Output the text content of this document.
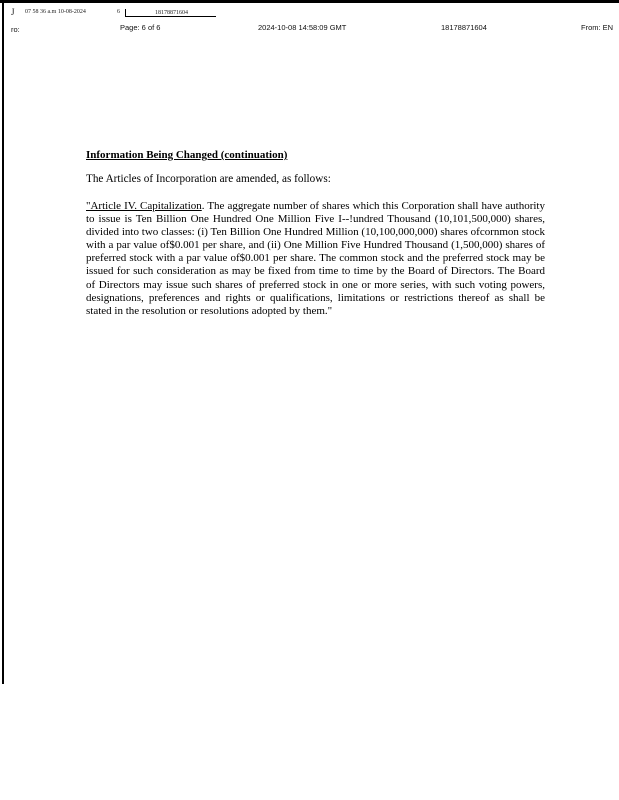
J 07 58 36 a.m 10-08-2024	6	18178871604
ro:	Page: 6 of 6	2024-10-08 14:58:09 GMT	18178871604	From: EN

Information Being Changed (continuation)

The Articles of Incorporation are amended, as follows:

"Article IV. Capitalization. The aggregate number of shares which this Corporation shall have authority to issue is Ten Billion One Hundred One Million Five I--!undred Thousand (10,101,500,000) shares, divided into two classes: (i) Ten Billion One Hundred Million (10,100,000,000) shares ofcornmon stock with a par value of$0.001 per share, and (ii) One Million Five Hundred Thousand (1,500,000) shares of preferred stock with a par value of$0.001 per share. The common stock and the preferred stock may be issued for such consideration as may be fixed from time to time by the Board of Directors. The Board of Directors may issue such shares of preferred stock in one or more series, with such voting powers, designations, preferences and rights or qualifications, limitations or restrictions thereof as shall be stated in the resolution or resolutions adopted by them."
